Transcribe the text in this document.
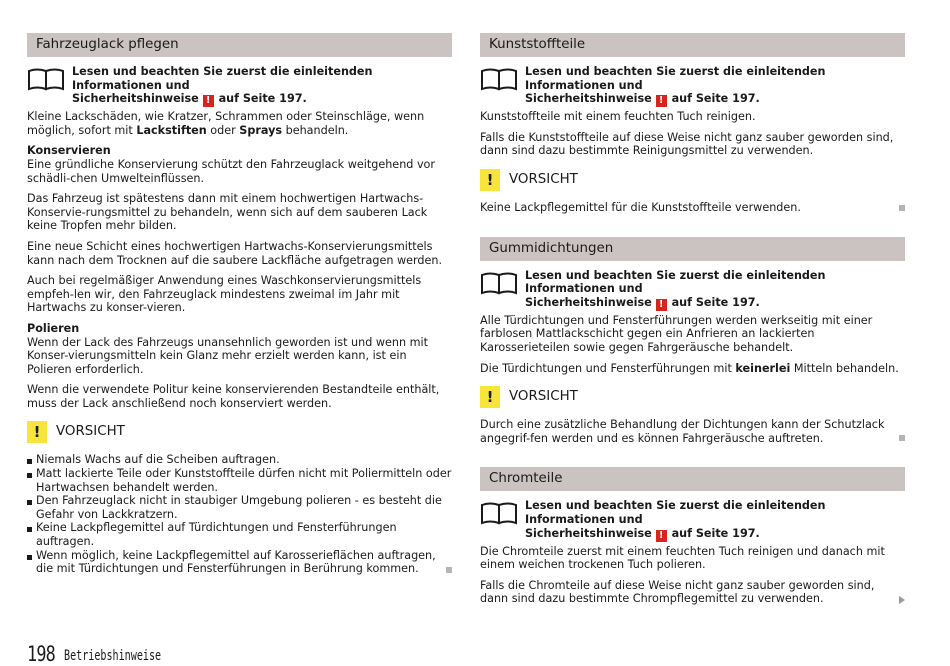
Fahrzeuglack pflegen
Lesen und beachten Sie zuerst die einleitenden Informationen und
Sicherheitshinweise ! auf Seite 197.

Kleine Lackschäden, wie Kratzer, Schrammen oder Steinschläge, wenn möglich, sofort mit Lackstiften oder Sprays behandeln.

Konservieren

Eine gründliche Konservierung schützt den Fahrzeuglack weitgehend vor schädli-chen Umwelteinflüssen.

Das Fahrzeug ist spätestens dann mit einem hochwertigen Hartwachs-Konservie-rungsmittel zu behandeln, wenn sich auf dem sauberen Lack keine Tropfen mehr bilden.

Eine neue Schicht eines hochwertigen Hartwachs-Konservierungsmittels kann nach dem Trocknen auf die saubere Lackfläche aufgetragen werden.

Auch bei regelmäßiger Anwendung eines Waschkonservierungsmittels empfeh-len wir, den Fahrzeuglack mindestens zweimal im Jahr mit Hartwachs zu konser-vieren.

Polieren

Wenn der Lack des Fahrzeugs unansehnlich geworden ist und wenn mit Konser-vierungsmitteln kein Glanz mehr erzielt werden kann, ist ein Polieren erforderlich.

Wenn die verwendete Politur keine konservierenden Bestandteile enthält, muss der Lack anschließend noch konserviert werden.

!
VORSICHT
Niemals Wachs auf die Scheiben auftragen.
Matt lackierte Teile oder Kunststoffteile dürfen nicht mit Poliermitteln oder Hartwachsen behandelt werden.
Den Fahrzeuglack nicht in staubiger Umgebung polieren - es besteht die Gefahr von Lackkratzern.
Keine Lackpflegemittel auf Türdichtungen und Fensterführungen auftragen.
Wenn möglich, keine Lackpflegemittel auf Karosserieflächen auftragen, die mit Türdichtungen und Fensterführungen in Berührung kommen.
Kunststoffteile
Lesen und beachten Sie zuerst die einleitenden Informationen und
Sicherheitshinweise ! auf Seite 197.

Kunststoffteile mit einem feuchten Tuch reinigen.

Falls die Kunststoffteile auf diese Weise nicht ganz sauber geworden sind, dann sind dazu bestimmte Reinigungsmittel zu verwenden.

!
VORSICHT

Keine Lackpflegemittel für die Kunststoffteile verwenden.

Gummidichtungen
Lesen und beachten Sie zuerst die einleitenden Informationen und
Sicherheitshinweise ! auf Seite 197.

Alle Türdichtungen und Fensterführungen werden werkseitig mit einer farblosen Mattlackschicht gegen ein Anfrieren an lackierten Karosserieteilen sowie gegen Fahrgeräusche behandelt.

Die Türdichtungen und Fensterführungen mit keinerlei Mitteln behandeln.

!
VORSICHT

Durch eine zusätzliche Behandlung der Dichtungen kann der Schutzlack angegrif-fen werden und es können Fahrgeräusche auftreten.

Chromteile
Lesen und beachten Sie zuerst die einleitenden Informationen und
Sicherheitshinweise ! auf Seite 197.

Die Chromteile zuerst mit einem feuchten Tuch reinigen und danach mit einem weichen trockenen Tuch polieren.

Falls die Chromteile auf diese Weise nicht ganz sauber geworden sind, dann sind dazu bestimmte Chrompflegemittel zu verwenden.

198 Betriebshinweise
